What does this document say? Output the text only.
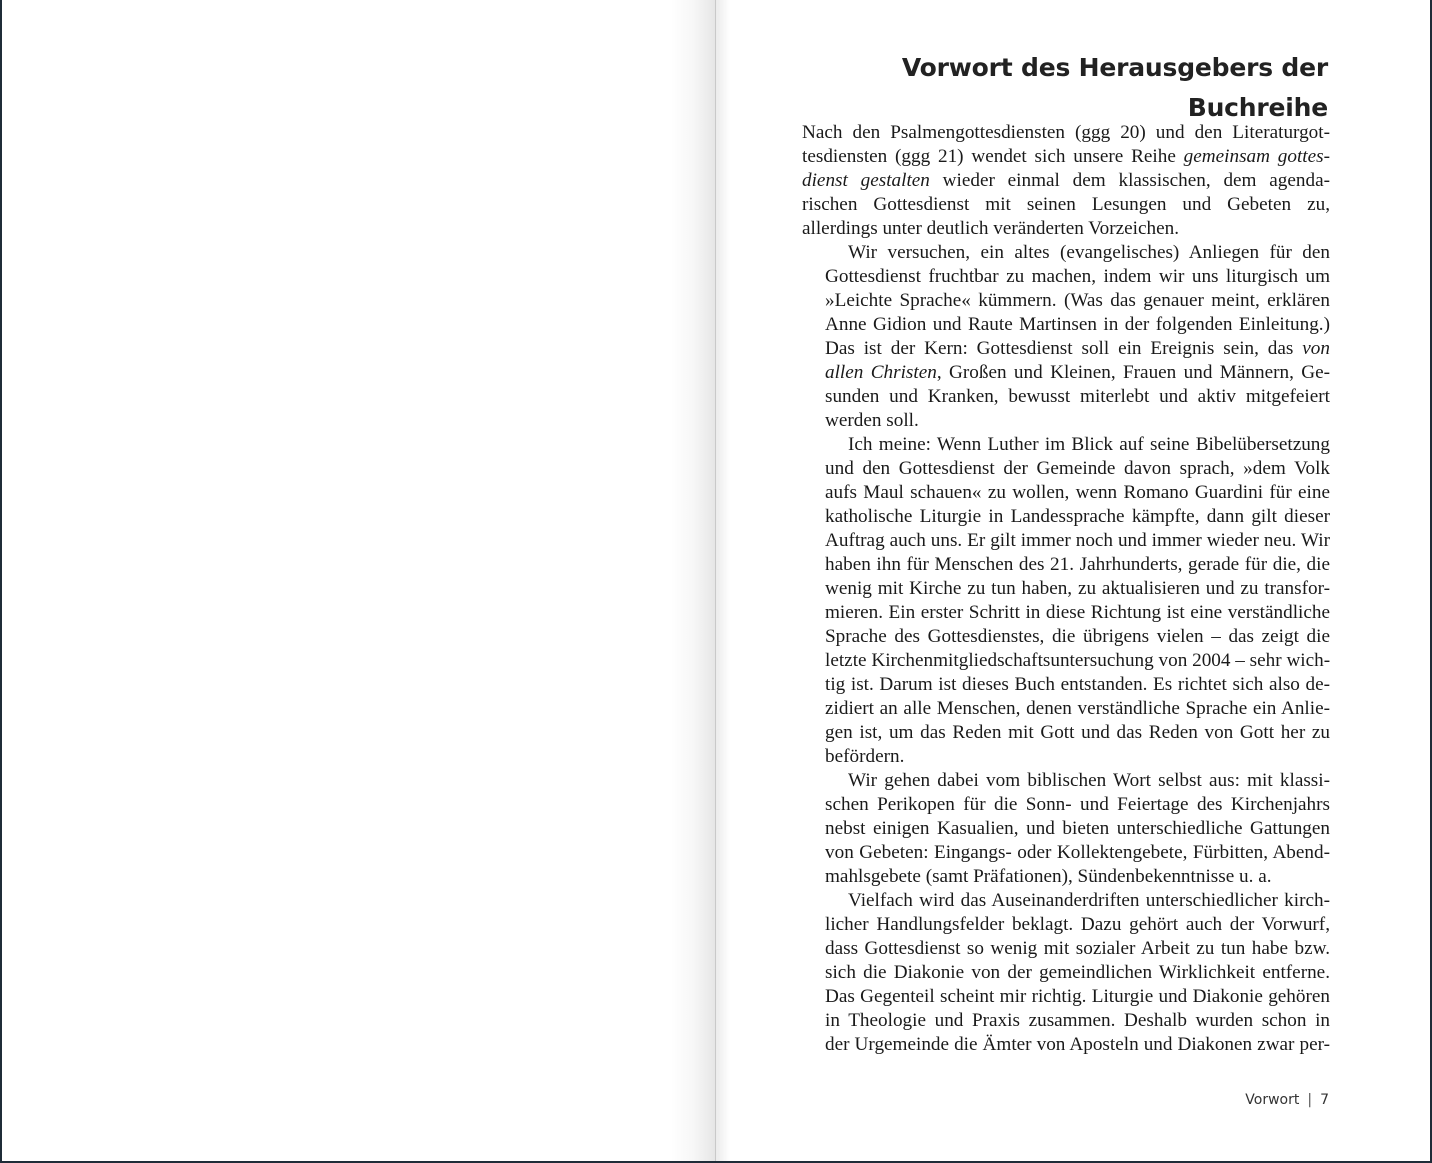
Vorwort des Herausgebers der Buchreihe

Nach den Psalmengottesdiensten (ggg 20) und den Literaturgot-
tesdiensten (ggg 21) wendet sich unsere Reihe gemeinsam gottes-
dienst gestalten wieder einmal dem klassischen, dem agenda-
rischen Gottesdienst mit seinen Lesungen und Gebeten zu,
allerdings unter deutlich veränderten Vorzeichen.

Wir versuchen, ein altes (evangelisches) Anliegen für den
Gottesdienst fruchtbar zu machen, indem wir uns liturgisch um
»Leichte Sprache« kümmern. (Was das genauer meint, erklären
Anne Gidion und Raute Martinsen in der folgenden Einleitung.)
Das ist der Kern: Gottesdienst soll ein Ereignis sein, das von
allen Christen, Großen und Kleinen, Frauen und Männern, Ge-
sunden und Kranken, bewusst miterlebt und aktiv mitgefeiert
werden soll.

Ich meine: Wenn Luther im Blick auf seine Bibelübersetzung
und den Gottesdienst der Gemeinde davon sprach, »dem Volk
aufs Maul schauen« zu wollen, wenn Romano Guardini für eine
katholische Liturgie in Landessprache kämpfte, dann gilt dieser
Auftrag auch uns. Er gilt immer noch und immer wieder neu. Wir
haben ihn für Menschen des 21. Jahrhunderts, gerade für die, die
wenig mit Kirche zu tun haben, zu aktualisieren und zu transfor-
mieren. Ein erster Schritt in diese Richtung ist eine verständliche
Sprache des Gottesdienstes, die übrigens vielen – das zeigt die
letzte Kirchenmitgliedschaftsuntersuchung von 2004 – sehr wich-
tig ist. Darum ist dieses Buch entstanden. Es richtet sich also de-
zidiert an alle Menschen, denen verständliche Sprache ein Anlie-
gen ist, um das Reden mit Gott und das Reden von Gott her zu
befördern.

Wir gehen dabei vom biblischen Wort selbst aus: mit klassi-
schen Perikopen für die Sonn- und Feiertage des Kirchenjahrs
nebst einigen Kasualien, und bieten unterschiedliche Gattungen
von Gebeten: Eingangs- oder Kollektengebete, Fürbitten, Abend-
mahlsgebete (samt Präfationen), Sündenbekenntnisse u. a.

Vielfach wird das Auseinanderdriften unterschiedlicher kirch-
licher Handlungsfelder beklagt. Dazu gehört auch der Vorwurf,
dass Gottesdienst so wenig mit sozialer Arbeit zu tun habe bzw.
sich die Diakonie von der gemeindlichen Wirklichkeit entferne.
Das Gegenteil scheint mir richtig. Liturgie und Diakonie gehören
in Theologie und Praxis zusammen. Deshalb wurden schon in
der Urgemeinde die Ämter von Aposteln und Diakonen zwar per-

Vorwort | 7
